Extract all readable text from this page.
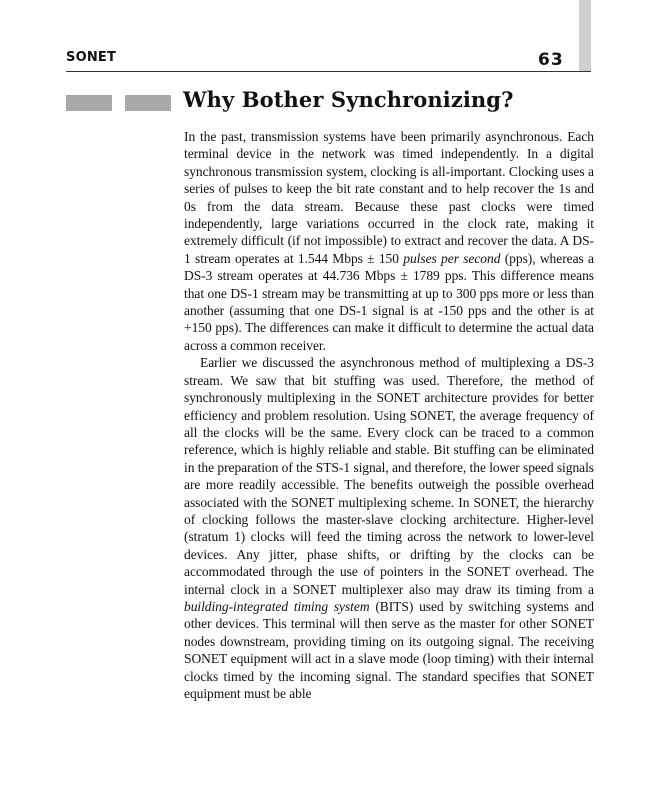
SONET	63
Why Bother Synchronizing?

In the past, transmission systems have been primarily asynchronous. Each terminal device in the network was timed independently. In a digital synchronous transmission system, clocking is all-important. Clocking uses a series of pulses to keep the bit rate constant and to help recover the 1s and 0s from the data stream. Because these past clocks were timed independently, large variations occurred in the clock rate, making it extremely difficult (if not impossible) to extract and recover the data. A DS-1 stream operates at 1.544 Mbps ± 150 pulses per second (pps), whereas a DS-3 stream operates at 44.736 Mbps ± 1789 pps. This difference means that one DS-1 stream may be transmitting at up to 300 pps more or less than another (assuming that one DS-1 signal is at -150 pps and the other is at +150 pps). The differences can make it difficult to determine the actual data across a common receiver.

Earlier we discussed the asynchronous method of multiplexing a DS-3 stream. We saw that bit stuffing was used. Therefore, the method of synchronously multiplexing in the SONET architecture provides for better efficiency and problem resolution. Using SONET, the average frequency of all the clocks will be the same. Every clock can be traced to a common reference, which is highly reliable and stable. Bit stuffing can be eliminated in the preparation of the STS-1 signal, and therefore, the lower speed signals are more readily accessible. The benefits outweigh the possible overhead associated with the SONET multiplexing scheme. In SONET, the hierarchy of clocking follows the master-slave clocking architecture. Higher-level (stratum 1) clocks will feed the timing across the network to lower-level devices. Any jitter, phase shifts, or drifting by the clocks can be accommodated through the use of pointers in the SONET overhead. The internal clock in a SONET multiplexer also may draw its timing from a building-integrated timing system (BITS) used by switching systems and other devices. This terminal will then serve as the master for other SONET nodes downstream, providing timing on its outgoing signal. The receiving SONET equipment will act in a slave mode (loop timing) with their internal clocks timed by the incoming signal. The standard specifies that SONET equipment must be able
